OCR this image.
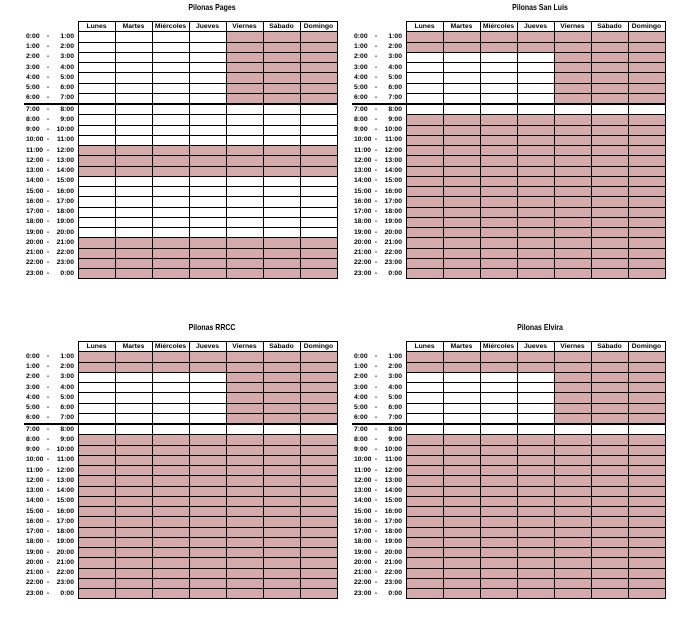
Pilonas Pages
	Lunes	Martes	Miércoles	Jueves	Viernes	Sábado	Domingo
0:00 - 1:00							
1:00 - 2:00							
2:00 - 3:00							
3:00 - 4:00							
4:00 - 5:00							
5:00 - 6:00							
6:00 - 7:00							
7:00 - 8:00							
8:00 - 9:00							
9:00 - 10:00							
10:00 - 11:00							
11:00 - 12:00							
12:00 - 13:00							
13:00 - 14:00							
14:00 - 15:00							
15:00 - 16:00							
16:00 - 17:00							
17:00 - 18:00							
18:00 - 19:00							
19:00 - 20:00							
20:00 - 21:00							
21:00 - 22:00							
22:00 - 23:00							
23:00 - 0:00							
Pilonas San Luis
	Lunes	Martes	Miércoles	Jueves	Viernes	Sábado	Domingo
0:00 - 1:00							
1:00 - 2:00							
2:00 - 3:00							
3:00 - 4:00							
4:00 - 5:00							
5:00 - 6:00							
6:00 - 7:00							
7:00 - 8:00							
8:00 - 9:00							
9:00 - 10:00							
10:00 - 11:00							
11:00 - 12:00							
12:00 - 13:00							
13:00 - 14:00							
14:00 - 15:00							
15:00 - 16:00							
16:00 - 17:00							
17:00 - 18:00							
18:00 - 19:00							
19:00 - 20:00							
20:00 - 21:00							
21:00 - 22:00							
22:00 - 23:00							
23:00 - 0:00							
Pilonas RRCC
	Lunes	Martes	Miércoles	Jueves	Viernes	Sábado	Domingo
0:00 - 1:00							
1:00 - 2:00							
2:00 - 3:00							
3:00 - 4:00							
4:00 - 5:00							
5:00 - 6:00							
6:00 - 7:00							
7:00 - 8:00							
8:00 - 9:00							
9:00 - 10:00							
10:00 - 11:00							
11:00 - 12:00							
12:00 - 13:00							
13:00 - 14:00							
14:00 - 15:00							
15:00 - 16:00							
16:00 - 17:00							
17:00 - 18:00							
18:00 - 19:00							
19:00 - 20:00							
20:00 - 21:00							
21:00 - 22:00							
22:00 - 23:00							
23:00 - 0:00							
Pilonas Elvira
	Lunes	Martes	Miércoles	Jueves	Viernes	Sábado	Domingo
0:00 - 1:00							
1:00 - 2:00							
2:00 - 3:00							
3:00 - 4:00							
4:00 - 5:00							
5:00 - 6:00							
6:00 - 7:00							
7:00 - 8:00							
8:00 - 9:00							
9:00 - 10:00							
10:00 - 11:00							
11:00 - 12:00							
12:00 - 13:00							
13:00 - 14:00							
14:00 - 15:00							
15:00 - 16:00							
16:00 - 17:00							
17:00 - 18:00							
18:00 - 19:00							
19:00 - 20:00							
20:00 - 21:00							
21:00 - 22:00							
22:00 - 23:00							
23:00 - 0:00							
